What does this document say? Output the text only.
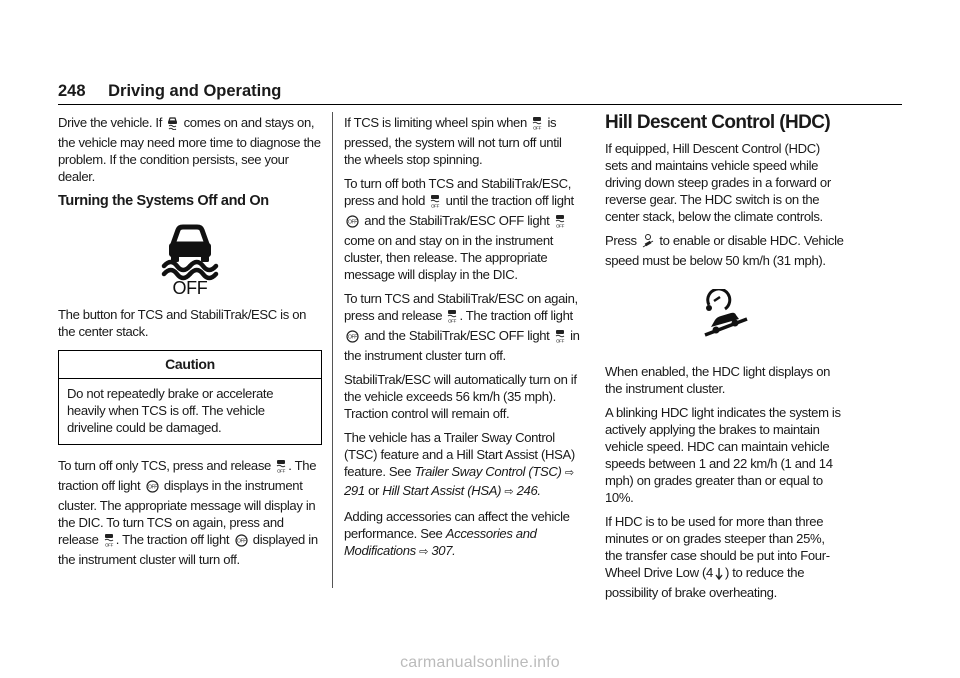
248 Driving and Operating

Drive the vehicle. If comes on and stays on, the vehicle may need more time to diagnose the problem. If the condition persists, see your dealer.

Turning the Systems Off and On
OFF

The button for TCS and StabiliTrak/ESC is on the center stack.

Caution
Do not repeatedly brake or accelerate heavily when TCS is off. The vehicle driveline could be damaged.

To turn off only TCS, press and release OFF . The traction off light OFF displays in the instrument cluster. The appropriate message will display in the DIC. To turn TCS on again, press and release OFF . The traction off light OFF displayed in the instrument cluster will turn off.

If TCS is limiting wheel spin when OFF is pressed, the system will not turn off until the wheels stop spinning.

To turn off both TCS and StabiliTrak/ESC, press and hold OFF until the traction off light
OFF and the StabiliTrak/ESC OFF light OFF
come on and stay on in the instrument cluster, then release. The appropriate message will display in the DIC.

To turn TCS and StabiliTrak/ESC on again, press and release OFF . The traction off light
OFF and the StabiliTrak/ESC OFF light OFF in the instrument cluster turn off.

StabiliTrak/ESC will automatically turn on if the vehicle exceeds 56 km/h (35 mph). Traction control will remain off.

The vehicle has a Trailer Sway Control (TSC) feature and a Hill Start Assist (HSA) feature. See Trailer Sway Control (TSC) ⇨ 291 or Hill Start Assist (HSA) ⇨ 246.

Adding accessories can affect the vehicle performance. See Accessories and Modifications ⇨ 307.

Hill Descent Control (HDC)

If equipped, Hill Descent Control (HDC) sets and maintains vehicle speed while driving down steep grades in a forward or reverse gear. The HDC switch is on the center stack, below the climate controls.

Press to enable or disable HDC. Vehicle speed must be below 50 km/h (31 mph).

When enabled, the HDC light displays on the instrument cluster.

A blinking HDC light indicates the system is actively applying the brakes to maintain vehicle speed. HDC can maintain vehicle speeds between 1 and 22 km/h (1 and 14 mph) on grades greater than or equal to 10%.

If HDC is to be used for more than three minutes or on grades steeper than 25%, the transfer case should be put into Four-Wheel Drive Low (4 ) to reduce the possibility of brake overheating.

carmanualsonline.info
